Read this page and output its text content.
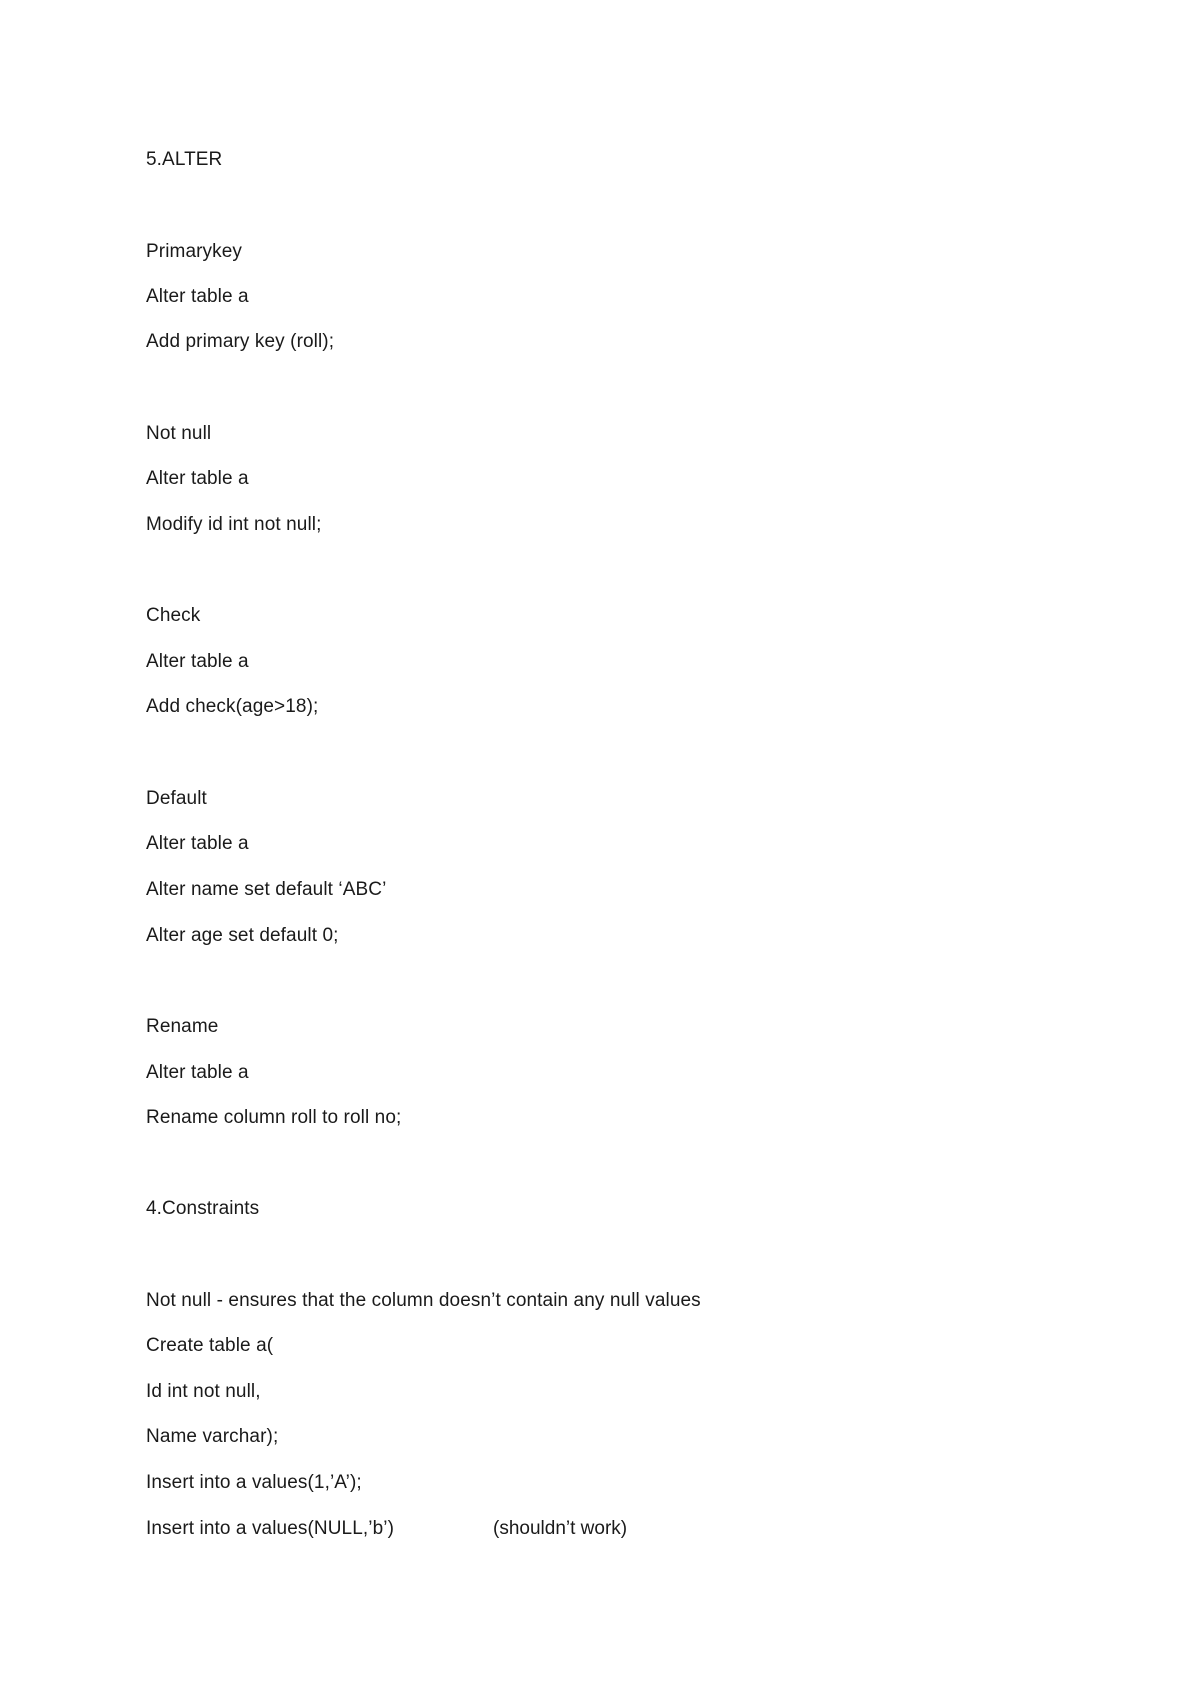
5.ALTER
Primarykey
Alter table a
Add primary key (roll);
Not null
Alter table a
Modify id int not null;
Check
Alter table a
Add check(age>18);
Default
Alter table a
Alter name set default ‘ABC’
Alter age set default 0;
Rename
Alter table a
Rename column roll to roll no;
4.Constraints
Not null - ensures that the column doesn’t contain any null values
Create table a(
Id int not null,
Name varchar);
Insert into a values(1,’A’);
Insert into a values(NULL,’b’)	(shouldn’t work)
